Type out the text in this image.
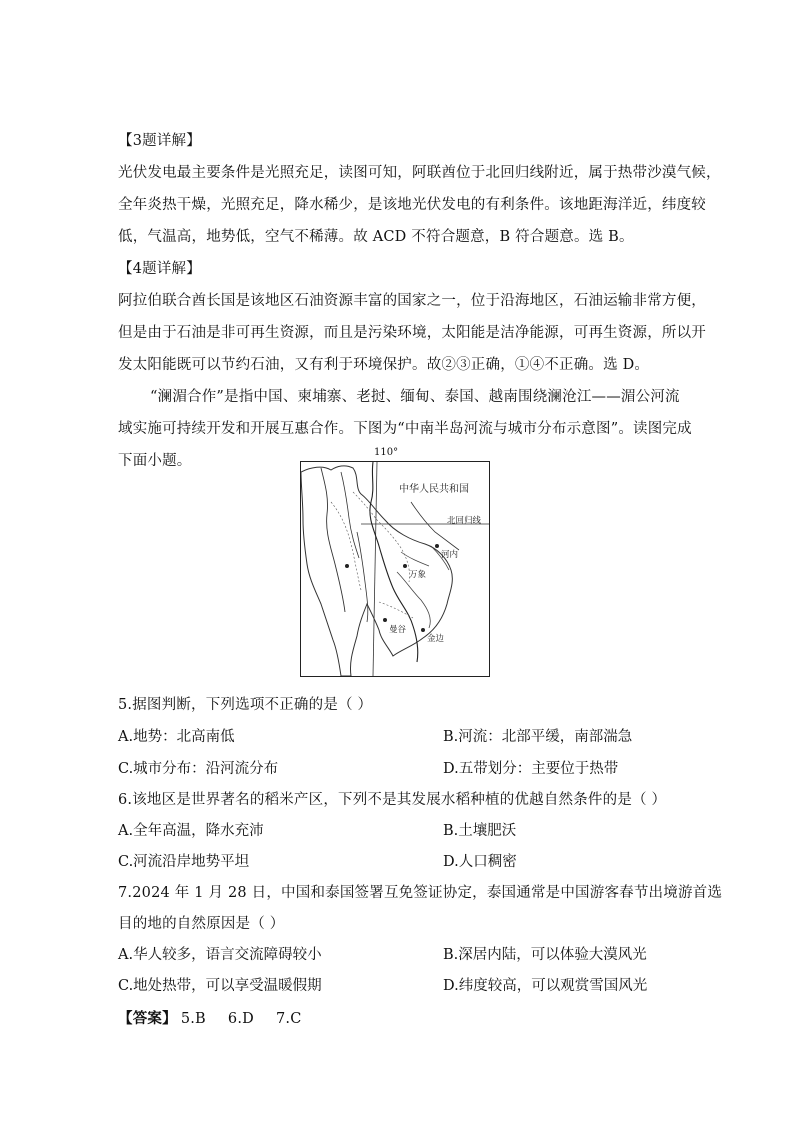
【3题详解】
光伏发电最主要条件是光照充足，读图可知，阿联酋位于北回归线附近，属于热带沙漠气候，
全年炎热干燥，光照充足，降水稀少，是该地光伏发电的有利条件。该地距海洋近，纬度较
低，气温高，地势低，空气不稀薄。故 ACD 不符合题意，B 符合题意。选 B。
【4题详解】
阿拉伯联合酋长国是该地区石油资源丰富的国家之一，位于沿海地区，石油运输非常方便，
但是由于石油是非可再生资源，而且是污染环境，太阳能是洁净能源，可再生资源，所以开
发太阳能既可以节约石油，又有利于环境保护。故②③正确，①④不正确。选 D。
“澜湄合作”是指中国、柬埔寨、老挝、缅甸、泰国、越南围绕澜沧江——湄公河流
域实施可持续开发和开展互惠合作。下图为“中南半岛河流与城市分布示意图”。读图完成
下面小题。
110°
中华人民共和国
北回归线
曼谷
金边
万象
河内
5.据图判断，下列选项不正确的是（ ）
A.地势：北高南低	B.河流：北部平缓，南部湍急
C.城市分布：沿河流分布	D.五带划分：主要位于热带
6.该地区是世界著名的稻米产区，下列不是其发展水稻种植的优越自然条件的是（ ）
A.全年高温，降水充沛	B.土壤肥沃
C.河流沿岸地势平坦	D.人口稠密
7.2024 年 1 月 28 日，中国和泰国签署互免签证协定，泰国通常是中国游客春节出境游首选
目的地的自然原因是（ ）
A.华人较多，语言交流障碍较小	B.深居内陆，可以体验大漠风光
C.地处热带，可以享受温暖假期	D.纬度较高，可以观赏雪国风光
【答案】 5.B 6.D 7.C
